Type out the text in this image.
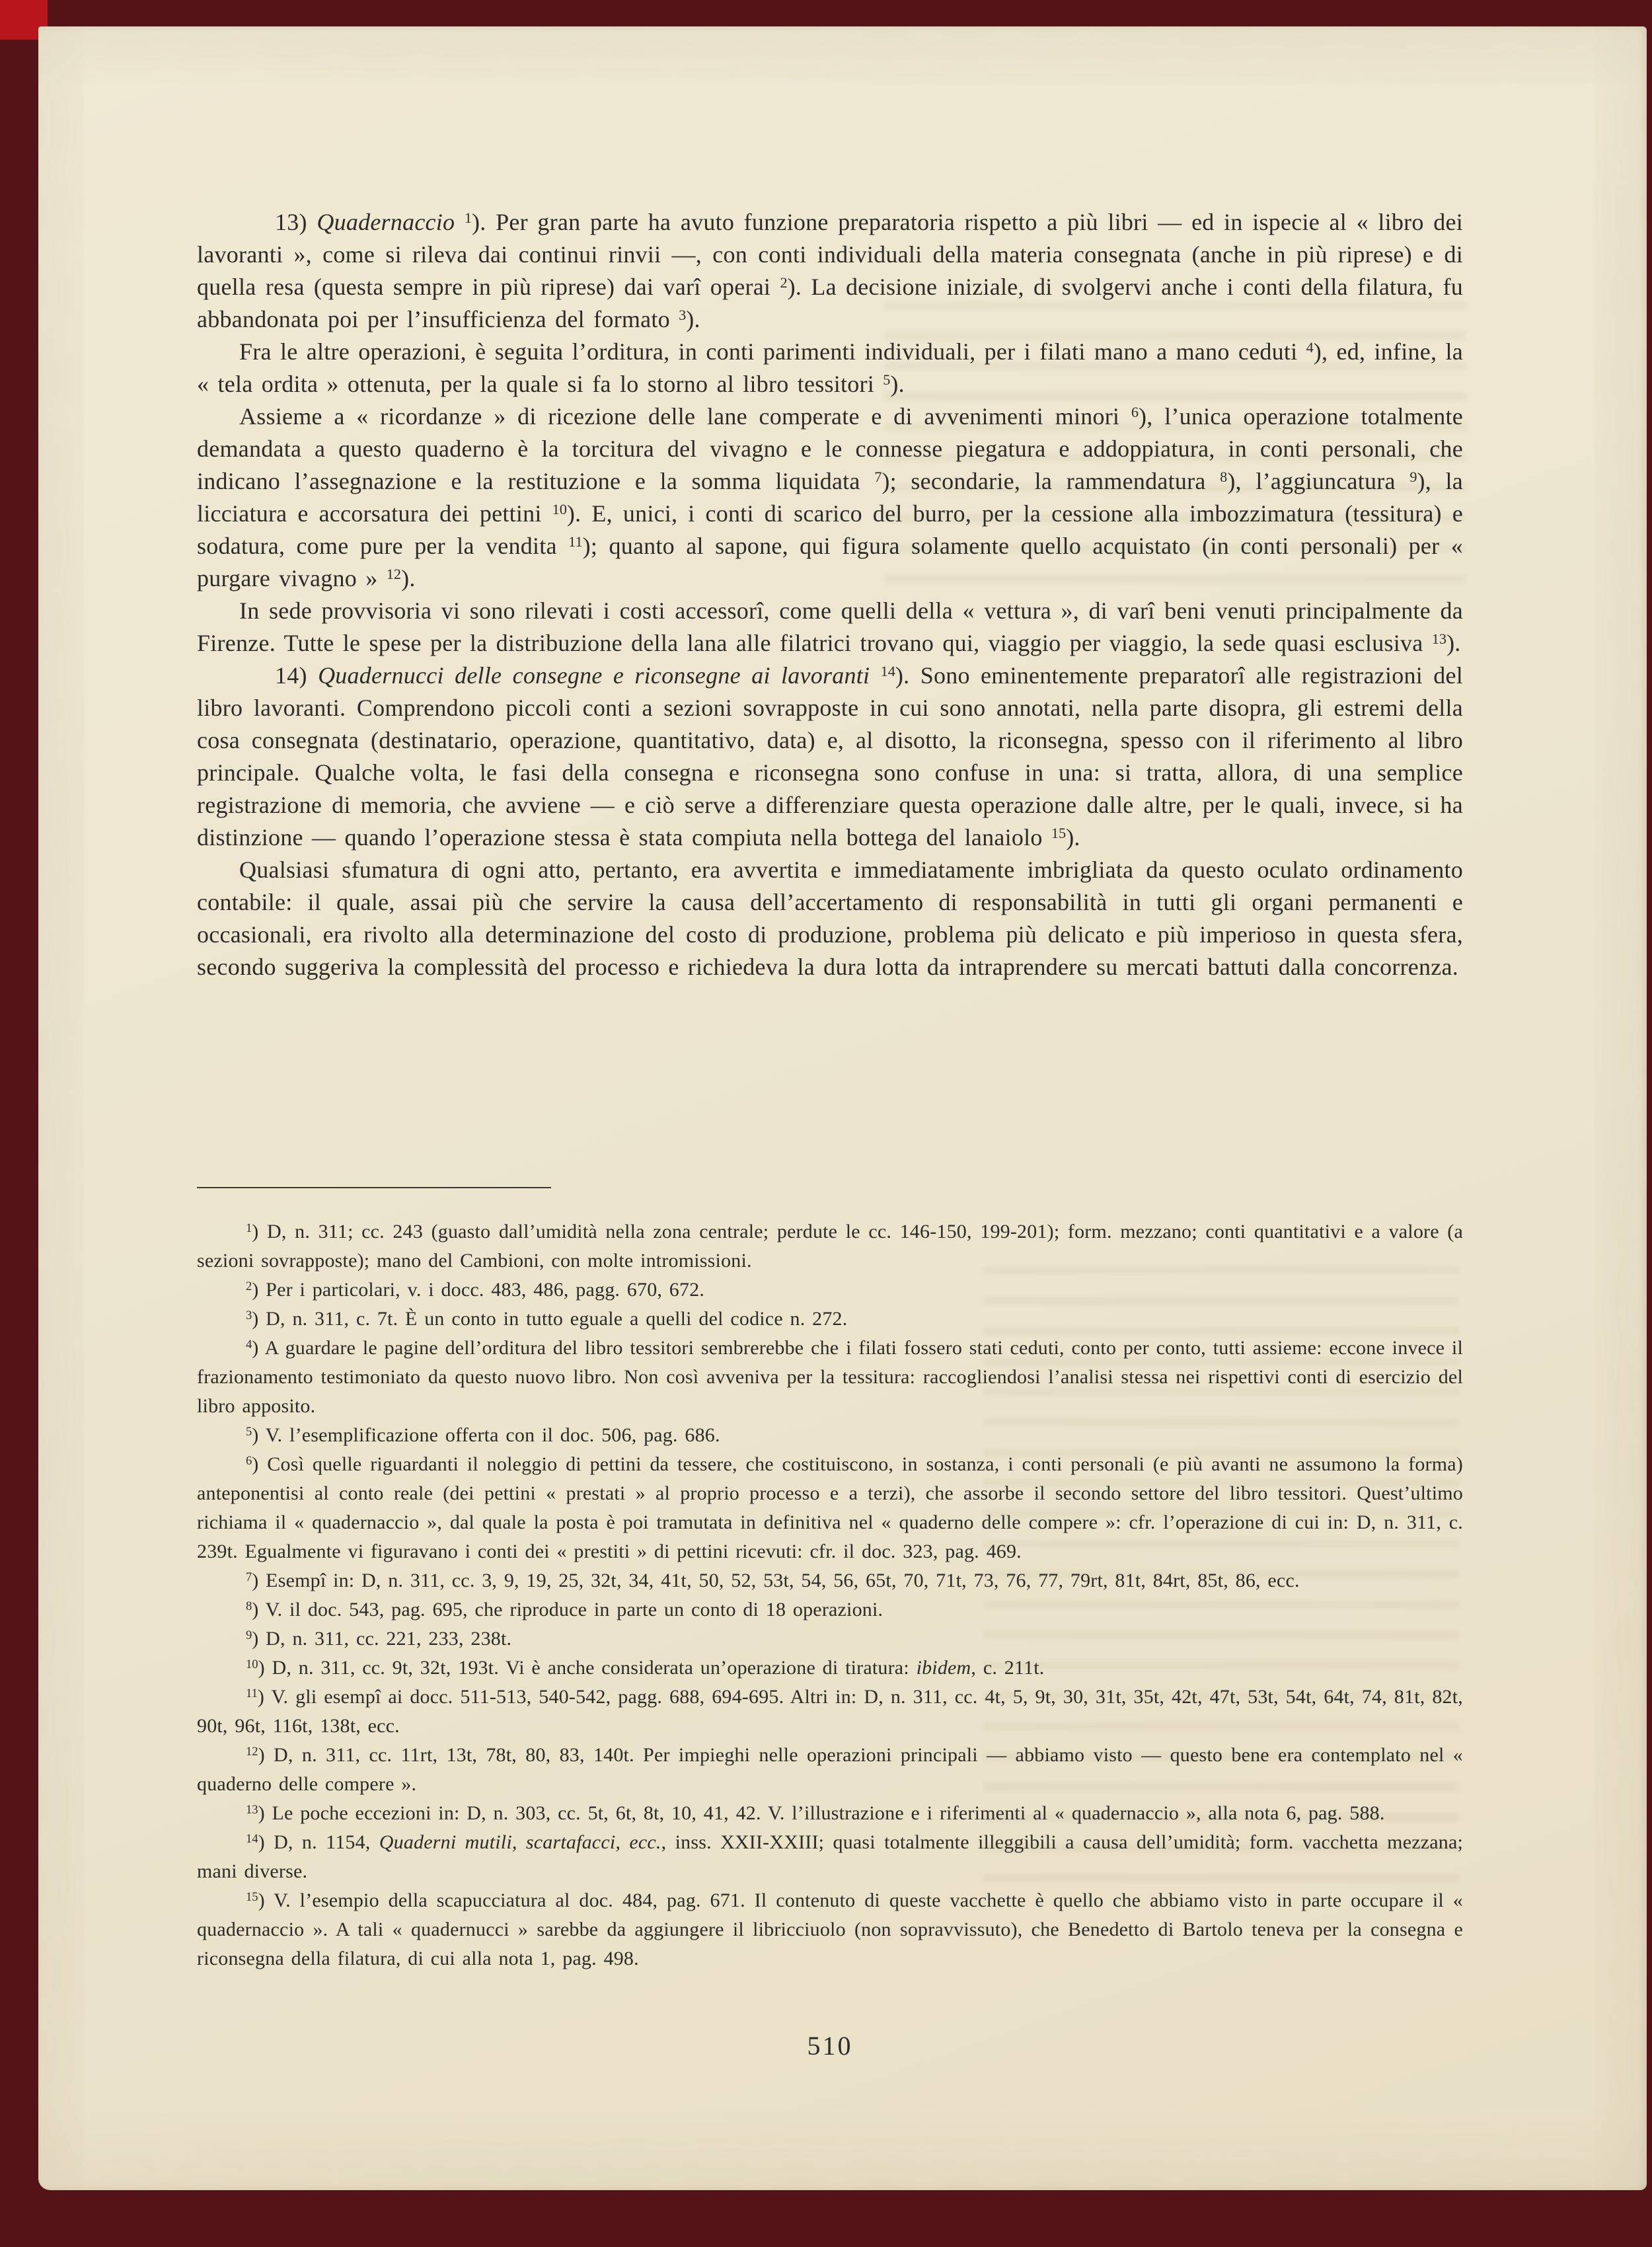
13) Quadernaccio $^1$). Per gran parte ha avuto funzione preparatoria rispetto a più libri — ed in ispecie al « libro dei lavoranti », come si rileva dai continui rinvii —, con conti individuali della materia consegnata (anche in più riprese) e di quella resa (questa sempre in più riprese) dai varî operai $^2$). La decisione iniziale, di svolgervi anche i conti della filatura, fu abbandonata poi per l’insufficienza del formato $^3$).

Fra le altre operazioni, è seguita l’orditura, in conti parimenti individuali, per i filati mano a mano ceduti $^4$), ed, infine, la « tela ordita » ottenuta, per la quale si fa lo storno al libro tessitori $^5$).

Assieme a « ricordanze » di ricezione delle lane comperate e di avvenimenti minori $^6$), l’unica operazione totalmente demandata a questo quaderno è la torcitura del vivagno e le connesse piegatura e addoppiatura, in conti personali, che indicano l’assegnazione e la restituzione e la somma liquidata $^7$); secondarie, la rammendatura $^8$), l’aggiuncatura $^9$), la licciatura e accorsatura dei pettini $^{10}$). E, unici, i conti di scarico del burro, per la cessione alla imbozzimatura (tessitura) e sodatura, come pure per la vendita $^{11}$); quanto al sapone, qui figura solamente quello acquistato (in conti personali) per « purgare vivagno » $^{12}$).

In sede provvisoria vi sono rilevati i costi accessorî, come quelli della « vettura », di varî beni venuti principalmente da Firenze. Tutte le spese per la distribuzione della lana alle filatrici trovano qui, viaggio per viaggio, la sede quasi esclusiva $^{13}$).

14) Quadernucci delle consegne e riconsegne ai lavoranti $^{14}$). Sono eminentemente preparatorî alle registrazioni del libro lavoranti. Comprendono piccoli conti a sezioni sovrapposte in cui sono annotati, nella parte disopra, gli estremi della cosa consegnata (destinatario, operazione, quantitativo, data) e, al disotto, la riconsegna, spesso con il riferimento al libro principale. Qualche volta, le fasi della consegna e riconsegna sono confuse in una: si tratta, allora, di una semplice registrazione di memoria, che avviene — e ciò serve a differenziare questa operazione dalle altre, per le quali, invece, si ha distinzione — quando l’operazione stessa è stata compiuta nella bottega del lanaiolo $^{15}$).

Qualsiasi sfumatura di ogni atto, pertanto, era avvertita e immediatamente imbrigliata da questo oculato ordinamento contabile: il quale, assai più che servire la causa dell’accertamento di responsabilità in tutti gli organi permanenti e occasionali, era rivolto alla determinazione del costo di produzione, problema più delicato e più imperioso in questa sfera, secondo suggeriva la complessità del processo e richiedeva la dura lotta da intraprendere su mercati battuti dalla concorrenza.

$^1$) D, n. 311; cc. 243 (guasto dall’umidità nella zona centrale; perdute le cc. 146-150, 199-201); form. mezzano; conti quantitativi e a valore (a sezioni sovrapposte); mano del Cambioni, con molte intromissioni.

$^2$) Per i particolari, v. i docc. 483, 486, pagg. 670, 672.

$^3$) D, n. 311, c. 7t. È un conto in tutto eguale a quelli del codice n. 272.

$^4$) A guardare le pagine dell’orditura del libro tessitori sembrerebbe che i filati fossero stati ceduti, conto per conto, tutti assieme: eccone invece il frazionamento testimoniato da questo nuovo libro. Non così avveniva per la tessitura: raccogliendosi l’analisi stessa nei rispettivi conti di esercizio del libro apposito.

$^5$) V. l’esemplificazione offerta con il doc. 506, pag. 686.

$^6$) Così quelle riguardanti il noleggio di pettini da tessere, che costituiscono, in sostanza, i conti personali (e più avanti ne assumono la forma) anteponentisi al conto reale (dei pettini « prestati » al proprio processo e a terzi), che assorbe il secondo settore del libro tessitori. Quest’ultimo richiama il « quadernaccio », dal quale la posta è poi tramutata in definitiva nel « quaderno delle compere »: cfr. l’operazione di cui in: D, n. 311, c. 239t. Egualmente vi figuravano i conti dei « prestiti » di pettini ricevuti: cfr. il doc. 323, pag. 469.

$^7$) Esempî in: D, n. 311, cc. 3, 9, 19, 25, 32t, 34, 41t, 50, 52, 53t, 54, 56, 65t, 70, 71t, 73, 76, 77, 79rt, 81t, 84rt, 85t, 86, ecc.

$^8$) V. il doc. 543, pag. 695, che riproduce in parte un conto di 18 operazioni.

$^9$) D, n. 311, cc. 221, 233, 238t.

$^{10}$) D, n. 311, cc. 9t, 32t, 193t. Vi è anche considerata un’operazione di tiratura: ibidem, c. 211t.

$^{11}$) V. gli esempî ai docc. 511-513, 540-542, pagg. 688, 694-695. Altri in: D, n. 311, cc. 4t, 5, 9t, 30, 31t, 35t, 42t, 47t, 53t, 54t, 64t, 74, 81t, 82t, 90t, 96t, 116t, 138t, ecc.

$^{12}$) D, n. 311, cc. 11rt, 13t, 78t, 80, 83, 140t. Per impieghi nelle operazioni principali — abbiamo visto — questo bene era contemplato nel « quaderno delle compere ».

$^{13}$) Le poche eccezioni in: D, n. 303, cc. 5t, 6t, 8t, 10, 41, 42. V. l’illustrazione e i riferimenti al « quadernaccio », alla nota 6, pag. 588.

$^{14}$) D, n. 1154, Quaderni mutili, scartafacci, ecc., inss. XXII-XXIII; quasi totalmente illeggibili a causa dell’umidità; form. vacchetta mezzana; mani diverse.

$^{15}$) V. l’esempio della scapucciatura al doc. 484, pag. 671. Il contenuto di queste vacchette è quello che abbiamo visto in parte occupare il « quadernaccio ». A tali « quadernucci » sarebbe da aggiungere il libricciuolo (non sopravvissuto), che Benedetto di Bartolo teneva per la consegna e riconsegna della filatura, di cui alla nota 1, pag. 498.

510
